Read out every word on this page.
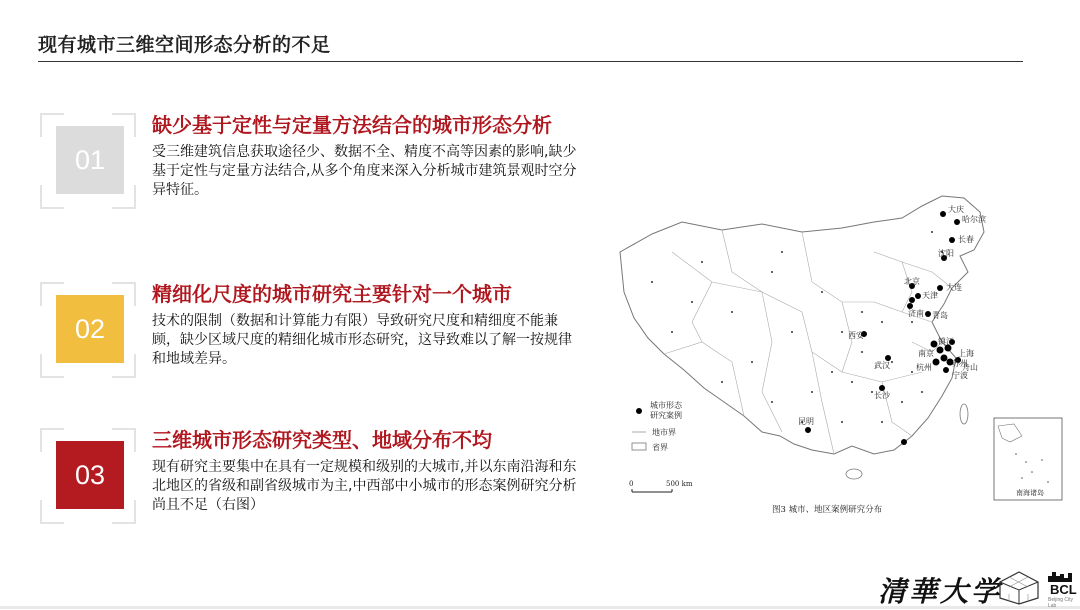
现有城市三维空间形态分析的不足
01
缺少基于定性与定量方法结合的城市形态分析
受三维建筑信息获取途径少、数据不全、精度不高等因素的影响,缺少基于定性与定量方法结合,从多个角度来深入分析城市建筑景观时空分异特征。
02
精细化尺度的城市研究主要针对一个城市
技术的限制（数据和计算能力有限）导致研究尺度和精细度不能兼顾，缺少区域尺度的精细化城市形态研究，这导致难以了解一按规律和地域差异。
03
三维城市形态研究类型、地域分布不均
现有研究主要集中在具有一定规模和级别的大城市,并以东南沿海和东北地区的省级和副省级城市为主,中西部中小城市的形态案例研究分析尚且不足（右图）
大庆
哈尔滨
长春
沈阳
北京
天津
大连
济南 青岛
西安
南京
镇江
上海
苏州
杭州	舟山
宁波
武汉
长沙
昆明
城市形态
研究案例
地市界
省界
0	500 km
南海诸岛
图3 城市、地区案例研究分布
清華大学	BCL
Beijing City Lab
